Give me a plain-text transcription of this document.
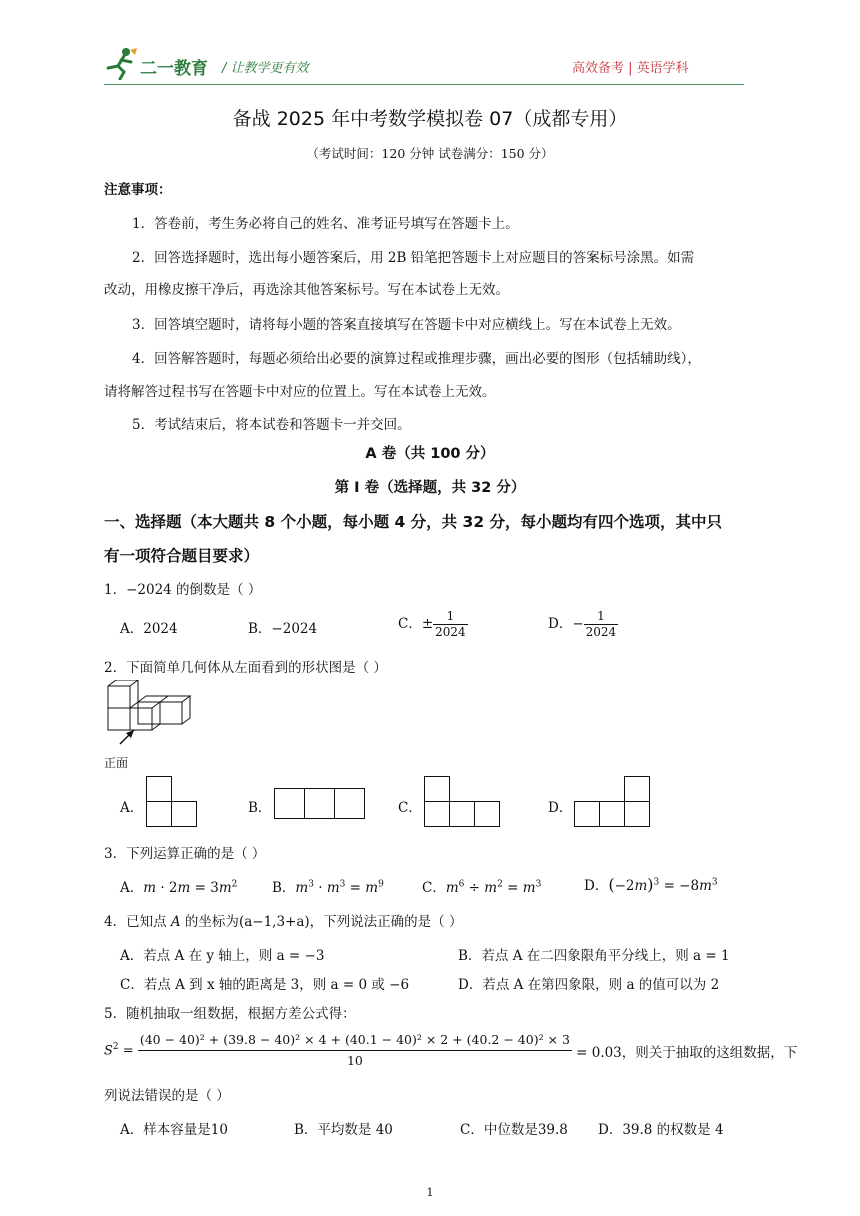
二一教育 / 让教学更有效	高效备考 | 英语学科
备战 2025 年中考数学模拟卷 07（成都专用）
（考试时间：120 分钟 试卷满分：150 分）
注意事项：
1．答卷前，考生务必将自己的姓名、准考证号填写在答题卡上。
2．回答选择题时，选出每小题答案后，用 2B 铅笔把答题卡上对应题目的答案标号涂黑。如需
改动，用橡皮擦干净后，再选涂其他答案标号。写在本试卷上无效。
3．回答填空题时，请将每小题的答案直接填写在答题卡中对应横线上。写在本试卷上无效。
4．回答解答题时，每题必须给出必要的演算过程或推理步骤，画出必要的图形（包括辅助线），
请将解答过程书写在答题卡中对应的位置上。写在本试卷上无效。
5．考试结束后，将本试卷和答题卡一并交回。
A 卷（共 100 分）
第 I 卷（选择题，共 32 分）
一、选择题（本大题共 8 个小题，每小题 4 分，共 32 分，每小题均有四个选项，其中只
有一项符合题目要求）
1．−2024 的倒数是（ ）
A．2024	B．−2024	C．± $\frac{1}{2024}$	D．− $\frac{1}{2024}$
2．下面简单几何体从左面看到的形状图是（ ）
正面
A．	B．	C．	D．
3．下列运算正确的是（ ）
A．$m \cdot 2m = 3m^2$	B．$m^3 \cdot m^3 = m^9$	C．$m^6 \div m^2 = m^3$	D．$(-2m)^3 = -8m^3$
4．已知点 A 的坐标为(a−1,3+a)，下列说法正确的是（ ）
A．若点 A 在 y 轴上，则 a = −3	B．若点 A 在二四象限角平分线上，则 a = 1
C．若点 A 到 x 轴的距离是 3，则 a = 0 或 −6	D．若点 A 在第四象限，则 a 的值可以为 2
5．随机抽取一组数据，根据方差公式得：
$S^2$ =
(40 − 40)² + (39.8 − 40)² × 4 + (40.1 − 40)² × 2 + (40.2 − 40)² × 3
10	= 0.03，则关于抽取的这组数据，下
列说法错误的是（ ）
A．样本容量是10	B．平均数是 40	C．中位数是39.8 D．39.8 的权数是 4
1
